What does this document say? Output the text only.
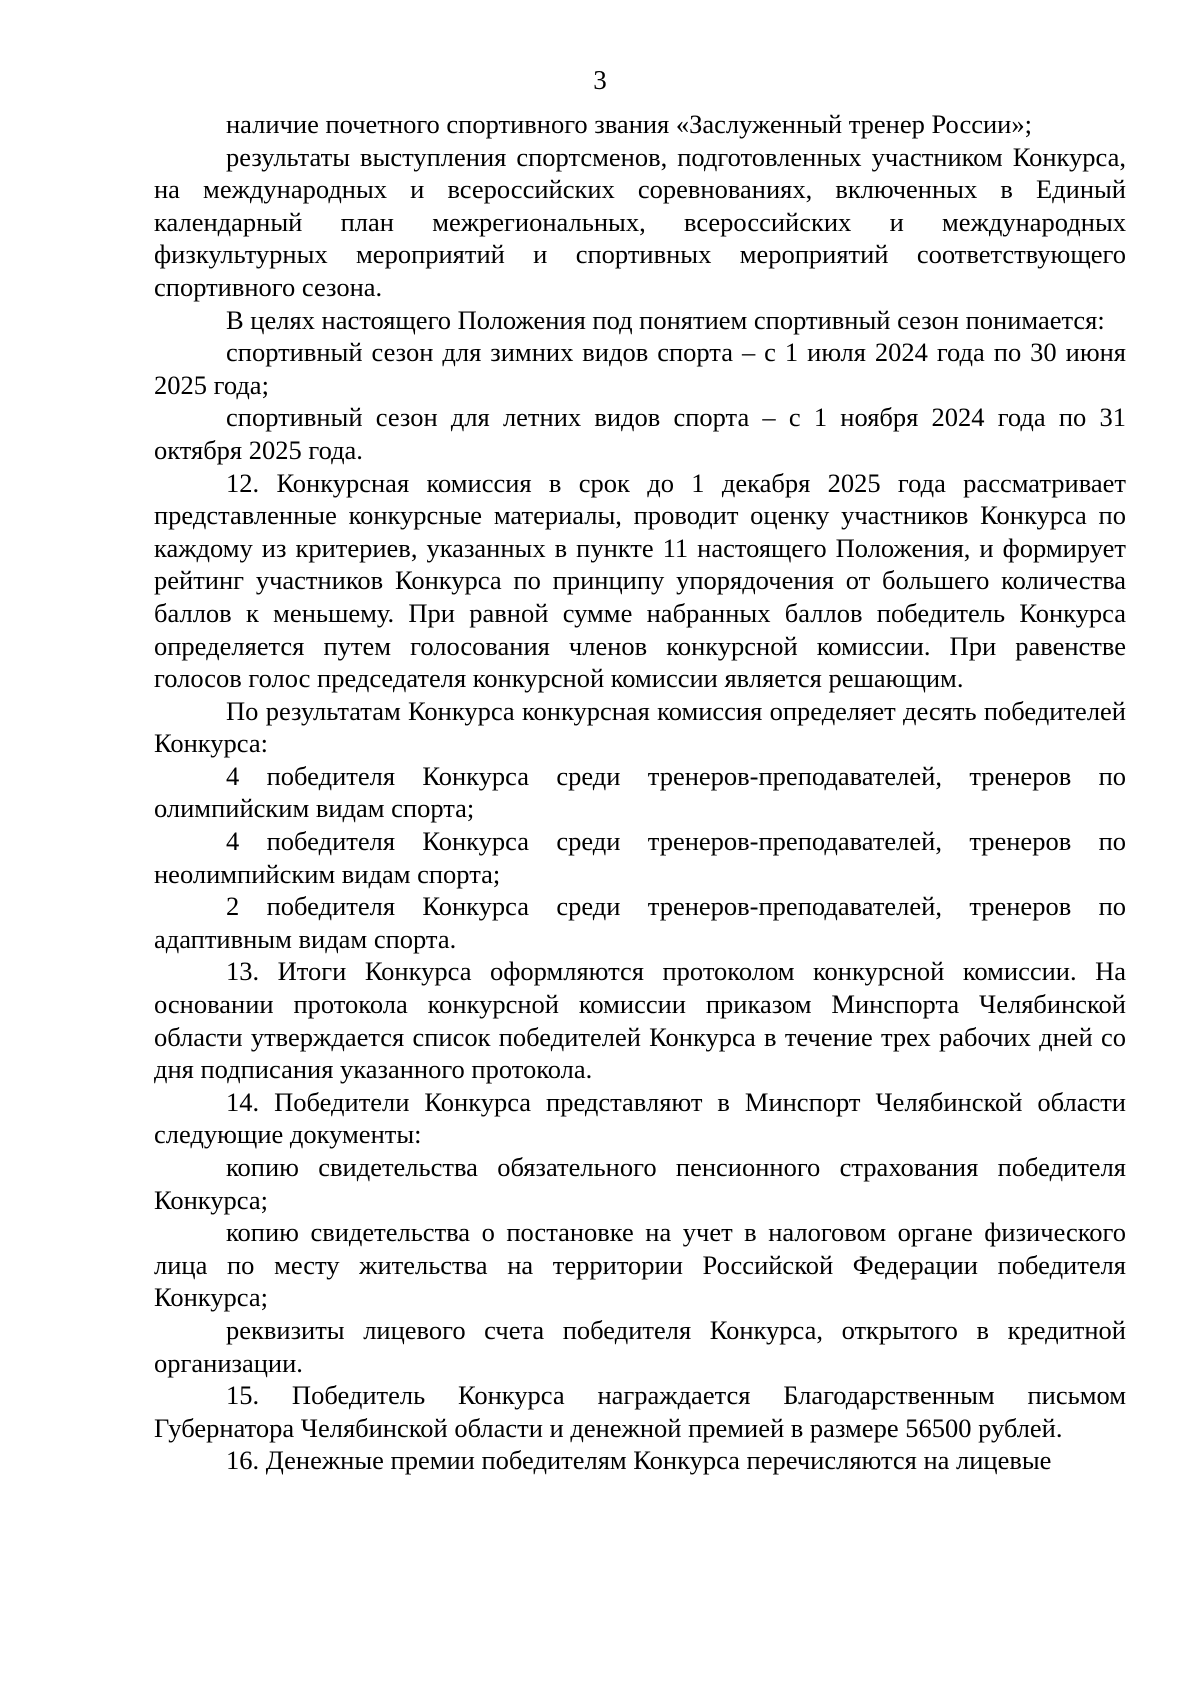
3

наличие почетного спортивного звания «Заслуженный тренер России»;

результаты выступления спортсменов, подготовленных участником Конкурса, на международных и всероссийских соревнованиях, включенных в Единый календарный план межрегиональных, всероссийских и международных физкультурных мероприятий и спортивных мероприятий соответствующего спортивного сезона.

В целях настоящего Положения под понятием спортивный сезон понимается:

спортивный сезон для зимних видов спорта – с 1 июля 2024 года по 30 июня 2025 года;

спортивный сезон для летних видов спорта – с 1 ноября 2024 года по 31 октября 2025 года.

12. Конкурсная комиссия в срок до 1 декабря 2025 года рассматривает представленные конкурсные материалы, проводит оценку участников Конкурса по каждому из критериев, указанных в пункте 11 настоящего Положения, и формирует рейтинг участников Конкурса по принципу упорядочения от большего количества баллов к меньшему. При равной сумме набранных баллов победитель Конкурса определяется путем голосования членов конкурсной комиссии. При равенстве голосов голос председателя конкурсной комиссии является решающим.

По результатам Конкурса конкурсная комиссия определяет десять победителей Конкурса:

4 победителя Конкурса среди тренеров-преподавателей, тренеров по олимпийским видам спорта;

4 победителя Конкурса среди тренеров-преподавателей, тренеров по неолимпийским видам спорта;

2 победителя Конкурса среди тренеров-преподавателей, тренеров по адаптивным видам спорта.

13. Итоги Конкурса оформляются протоколом конкурсной комиссии. На основании протокола конкурсной комиссии приказом Минспорта Челябинской области утверждается список победителей Конкурса в течение трех рабочих дней со дня подписания указанного протокола.

14. Победители Конкурса представляют в Минспорт Челябинской области следующие документы:

копию свидетельства обязательного пенсионного страхования победителя Конкурса;

копию свидетельства о постановке на учет в налоговом органе физического лица по месту жительства на территории Российской Федерации победителя Конкурса;

реквизиты лицевого счета победителя Конкурса, открытого в кредитной организации.

15. Победитель Конкурса награждается Благодарственным письмом Губернатора Челябинской области и денежной премией в размере 56500 рублей.

16. Денежные премии победителям Конкурса перечисляются на лицевые
